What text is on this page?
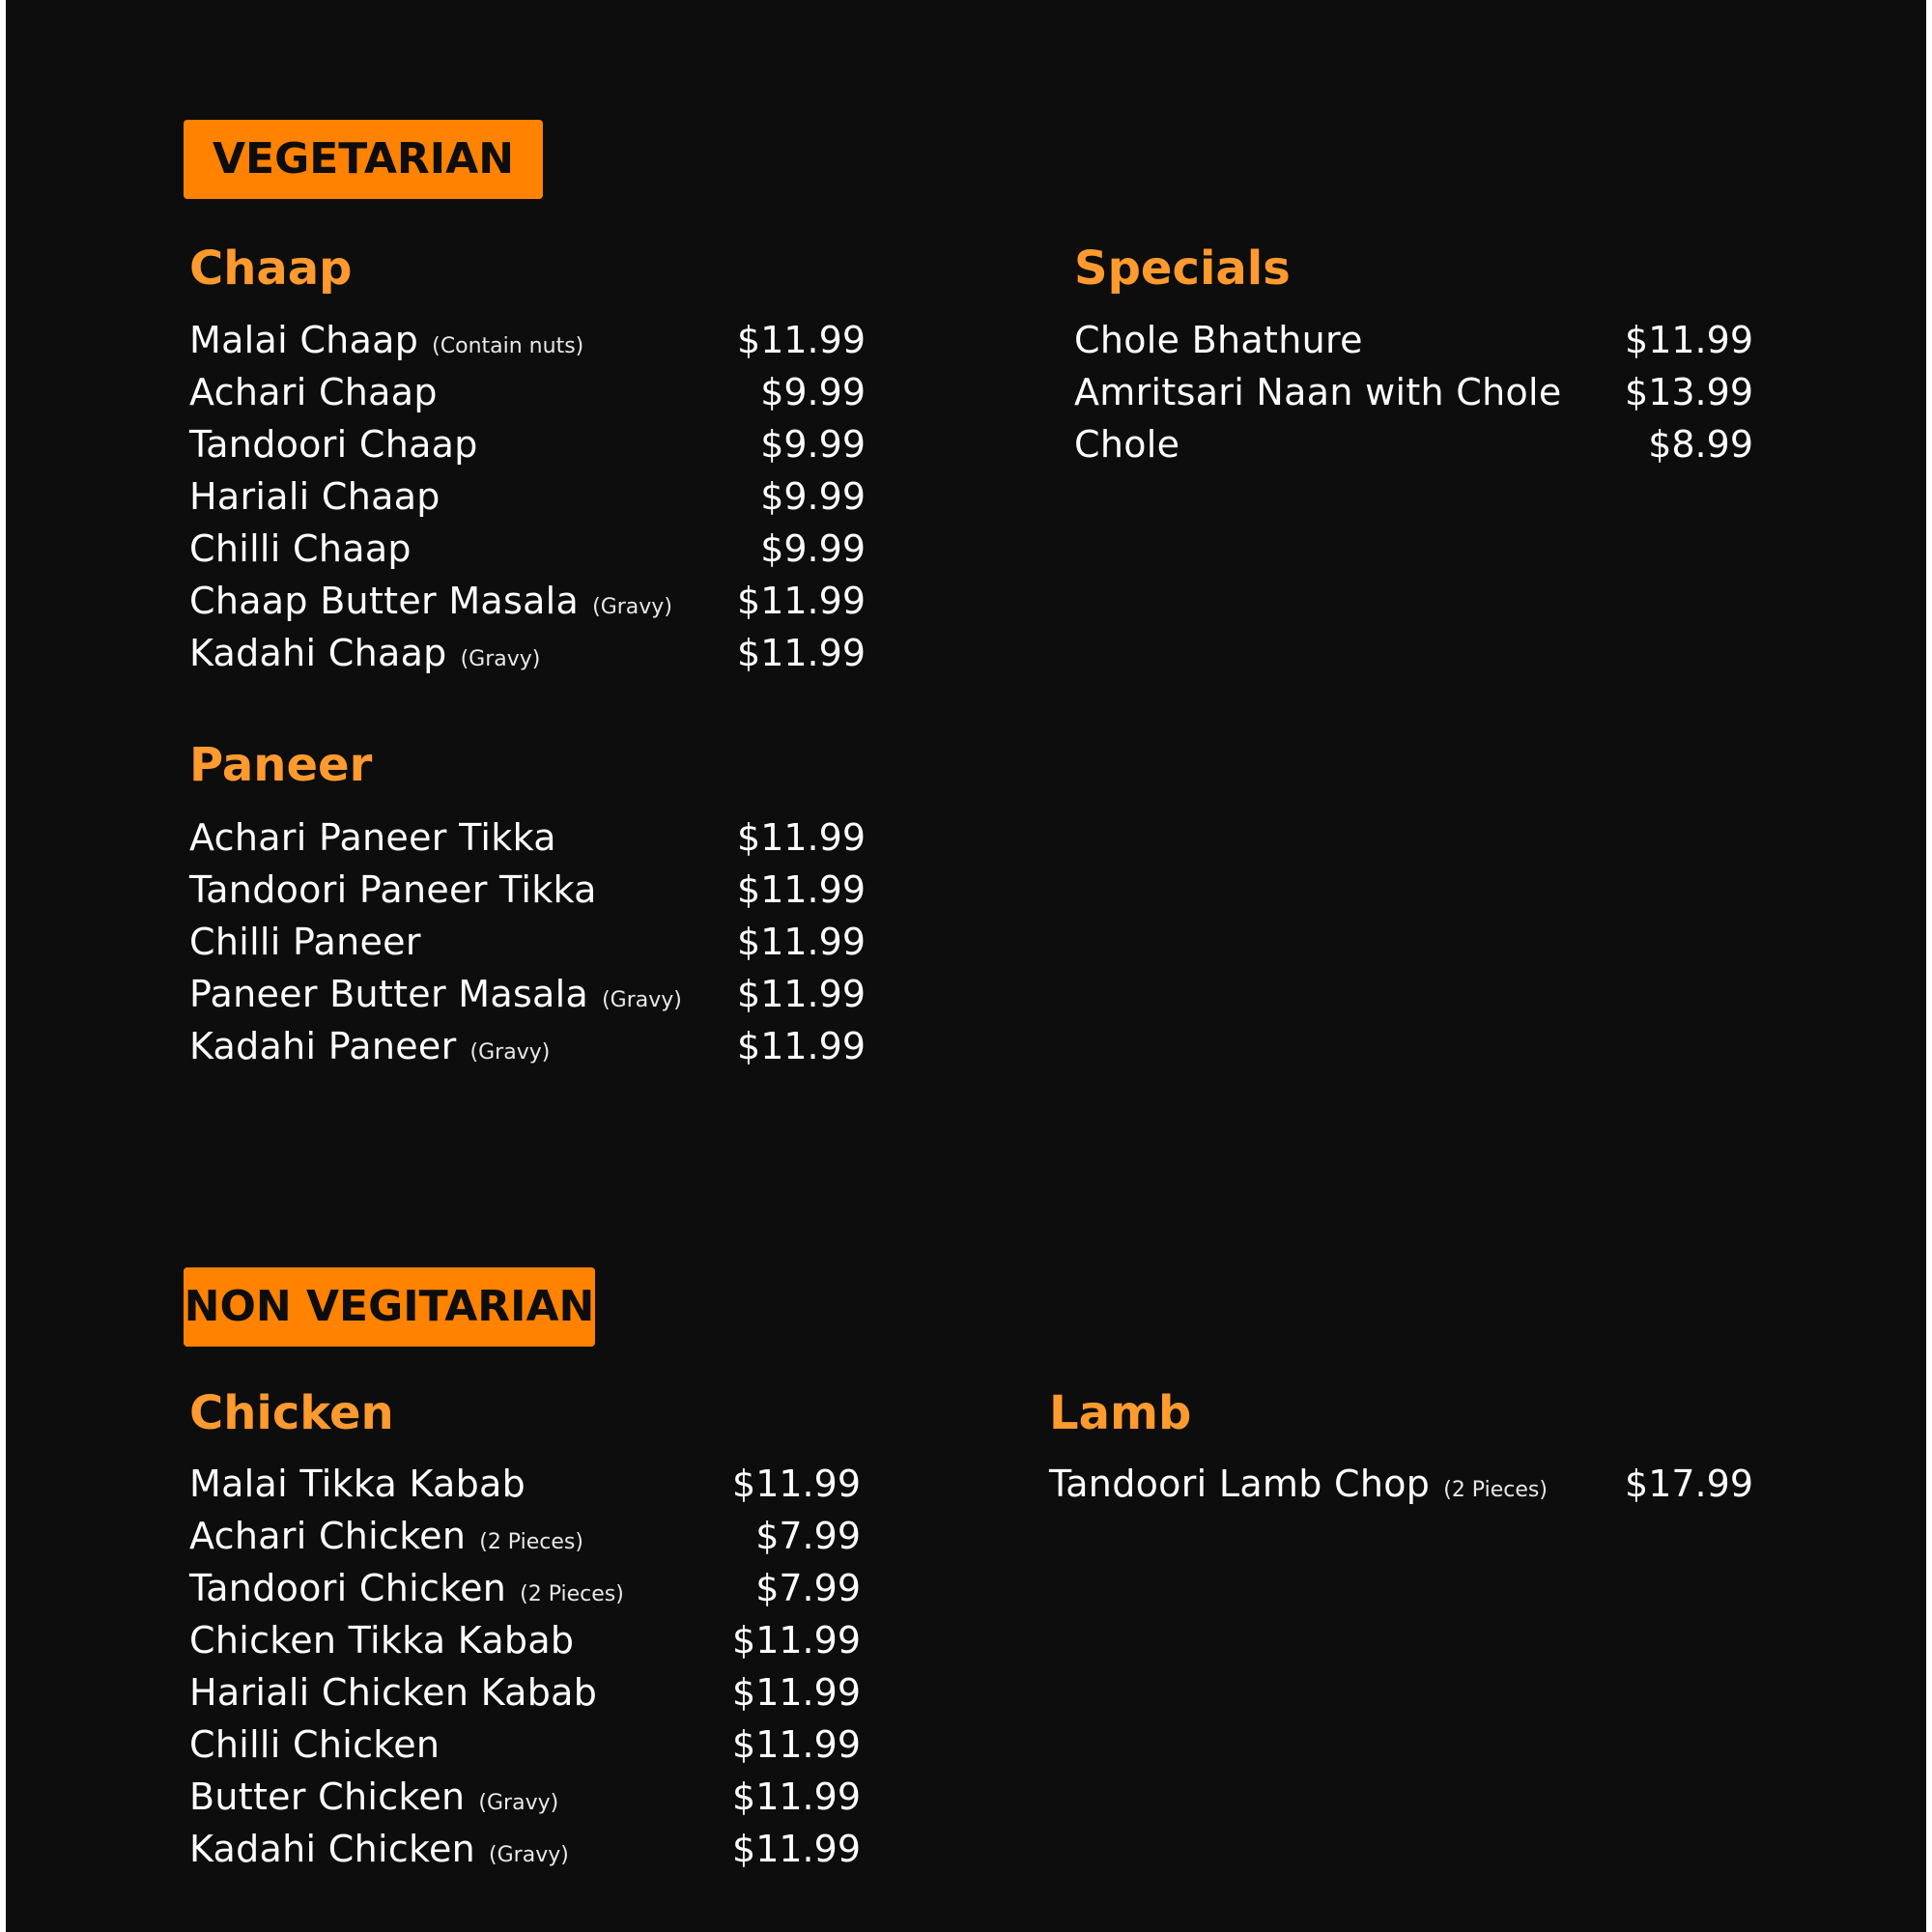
VEGETARIAN
Chaap
Malai Chaap (Contain nuts)	$11.99
Achari Chaap	$9.99
Tandoori Chaap	$9.99
Hariali Chaap	$9.99
Chilli Chaap	$9.99
Chaap Butter Masala (Gravy) $11.99
Kadahi Chaap (Gravy)	$11.99
Paneer
Achari Paneer Tikka	$11.99
Tandoori Paneer Tikka	$11.99
Chilli Paneer	$11.99
Paneer Butter Masala (Gravy) $11.99
Kadahi Paneer (Gravy)	$11.99
Specials
Chole Bhathure	$11.99
Amritsari Naan with Chole $13.99
Chole	$8.99
NON VEGITARIAN
Chicken
Malai Tikka Kabab	$11.99
Achari Chicken (2 Pieces)	$7.99
Tandoori Chicken (2 Pieces)	$7.99
Chicken Tikka Kabab	$11.99
Hariali Chicken Kabab	$11.99
Chilli Chicken	$11.99
Butter Chicken (Gravy)	$11.99
Kadahi Chicken (Gravy)	$11.99
Lamb
Tandoori Lamb Chop (2 Pieces) $17.99
